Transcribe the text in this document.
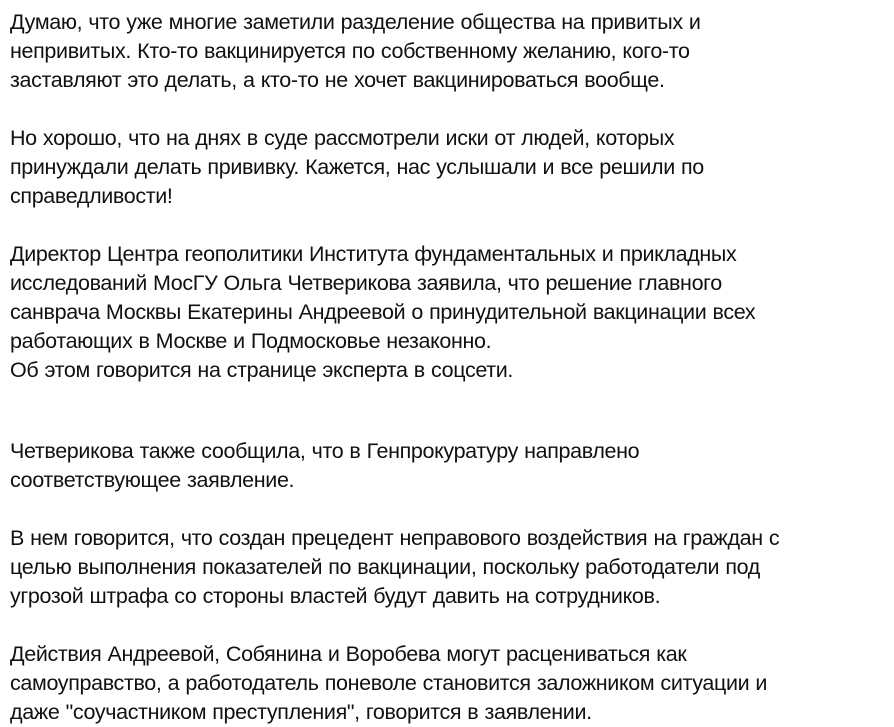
Думаю, что уже многие заметили разделение общества на привитых и
непривитых. Кто-то вакцинируется по собственному желанию, кого-то
заставляют это делать, а кто-то не хочет вакцинироваться вообще.

Но хорошо, что на днях в суде рассмотрели иски от людей, которых
принуждали делать прививку. Кажется, нас услышали и все решили по
справедливости!

Директор Центра геополитики Института фундаментальных и прикладных
исследований МосГУ Ольга Четверикова заявила, что решение главного
санврача Москвы Екатерины Андреевой о принудительной вакцинации всех
работающих в Москве и Подмосковье незаконно.
Об этом говорится на странице эксперта в соцсети.

Четверикова также сообщила, что в Генпрокуратуру направлено
соответствующее заявление.

В нем говорится, что создан прецедент неправового воздействия на граждан с
целью выполнения показателей по вакцинации, поскольку работодатели под
угрозой штрафа со стороны властей будут давить на сотрудников.

Действия Андреевой, Собянина и Воробева могут расцениваться как
самоуправство, а работодатель поневоле становится заложником ситуации и
даже "соучастником преступления", говорится в заявлении.
